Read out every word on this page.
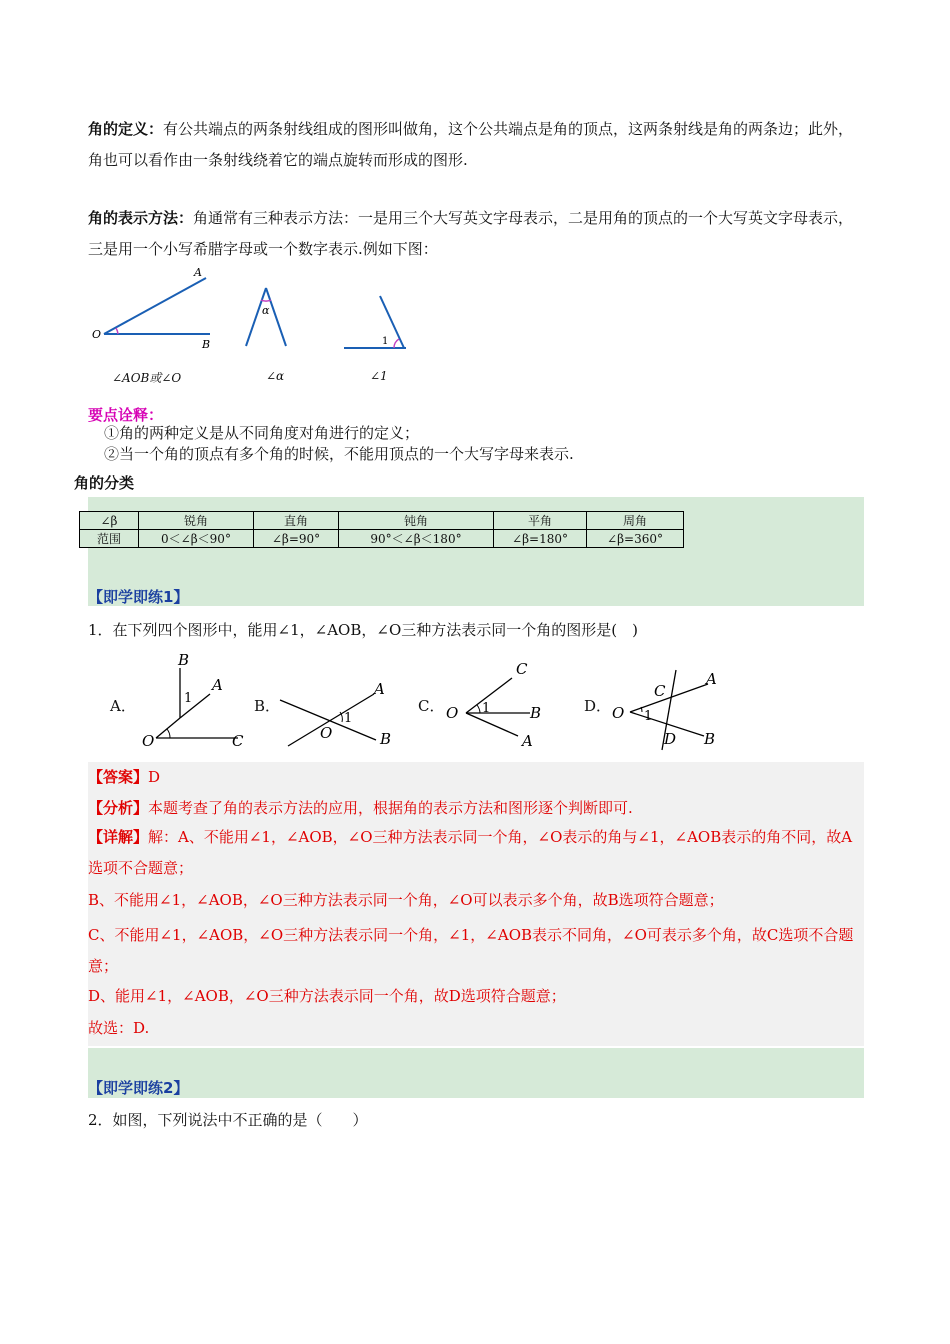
角的定义：有公共端点的两条射线组成的图形叫做角，这个公共端点是角的顶点，这两条射线是角的两条边；此外，角也可以看作由一条射线绕着它的端点旋转而形成的图形.
角的表示方法：角通常有三种表示方法：一是用三个大写英文字母表示，二是用角的顶点的一个大写英文字母表示，三是用一个小写希腊字母或一个数字表示.例如下图：
O
A
B
α
1
∠AOB或∠O	∠α	∠1
要点诠释：
①角的两种定义是从不同角度对角进行的定义；
②当一个角的顶点有多个角的时候，不能用顶点的一个大写字母来表示.
角的分类
∠β	锐角	直角	钝角	平角	周角
范围	0＜∠β＜90°	∠β=90°	90°＜∠β＜180°	∠β=180°	∠β=360°
【即学即练1】
1．在下列四个图形中，能用∠1，∠AOB，∠O三种方法表示同一个角的图形是(　)
A．	B．	C．	D．
O
B
A
C
1
O
A
B
1	O
C
B
A
1	O
C
A
D B
1
【答案】D
【分析】本题考查了角的表示方法的应用，根据角的表示方法和图形逐个判断即可.
【详解】解：A、不能用∠1，∠AOB，∠O三种方法表示同一个角，∠O表示的角与∠1，∠AOB表示的角不同，故A选项不合题意；
B、不能用∠1，∠AOB，∠O三种方法表示同一个角，∠O可以表示多个角，故B选项符合题意；
C、不能用∠1，∠AOB，∠O三种方法表示同一个角，∠1，∠AOB表示不同角，∠O可表示多个角，故C选项不合题意；
D、能用∠1，∠AOB，∠O三种方法表示同一个角，故D选项符合题意；
故选：D.
【即学即练2】
2．如图，下列说法中不正确的是（　　）
